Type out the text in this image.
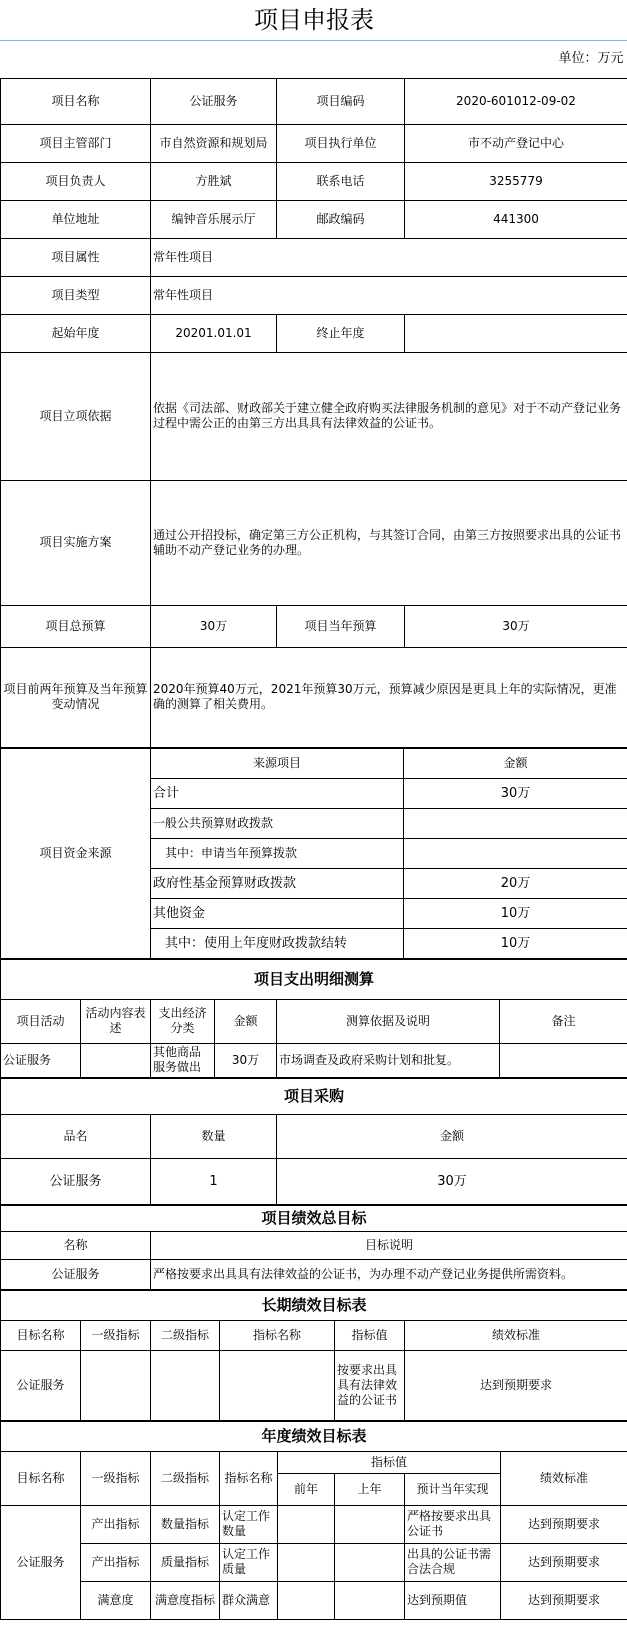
项目申报表			
单位：万元			
项目名称	公证服务	项目编码	2020-601012-09-02
项目主管部门	市自然资源和规划局	项目执行单位	市不动产登记中心
项目负责人	方胜斌	联系电话	3255779
单位地址	编钟音乐展示厅	邮政编码	441300
项目属性	常年性项目		
项目类型	常年性项目		
起始年度	20201.01.01	终止年度	
项目立项依据	依据《司法部、财政部关于建立健全政府购买法律服务机制的意见》对于不动产登记业务过程中需公正的由第三方出具具有法律效益的公证书。		
项目实施方案	通过公开招投标，确定第三方公正机构，与其签订合同，由第三方按照要求出具的公证书辅助不动产登记业务的办理。		
项目总预算	30万	项目当年预算	30万
项目前两年预算及当年预算变动情况	2020年预算40万元，2021年预算30万元，预算减少原因是更具上年的实际情况，更准确的测算了相关费用。		
项目资金来源	来源项目	金额
	合计	30万
	一般公共预算财政拨款	
	其中：申请当年预算拨款	
	政府性基金预算财政拨款	20万
	其他资金	10万
	其中：使用上年度财政拨款结转	10万
项目支出明细测算					
项目活动	活动内容表述	支出经济分类	金额	测算依据及说明	备注
公证服务		其他商品服务做出	30万	市场调查及政府采购计划和批复。	
项目采购		
品名	数量	金额
公证服务	1	30万
项目绩效总目标	
名称	目标说明
公证服务	严格按要求出具具有法律效益的公证书，为办理不动产登记业务提供所需资料。
长期绩效目标表					
目标名称	一级指标	二级指标	指标名称	指标值	绩效标准
公证服务				按要求出具具有法律效益的公证书	达到预期要求
年度绩效目标表							
目标名称	一级指标	二级指标	指标名称	指标值			绩效标准
				前年	上年	预计当年实现	
公证服务	产出指标	数量指标	认定工作数量			严格按要求出具公证书	达到预期要求
	产出指标	质量指标	认定工作质量			出具的公证书需合法合规	达到预期要求
	满意度	满意度指标	群众满意			达到预期值	达到预期要求
